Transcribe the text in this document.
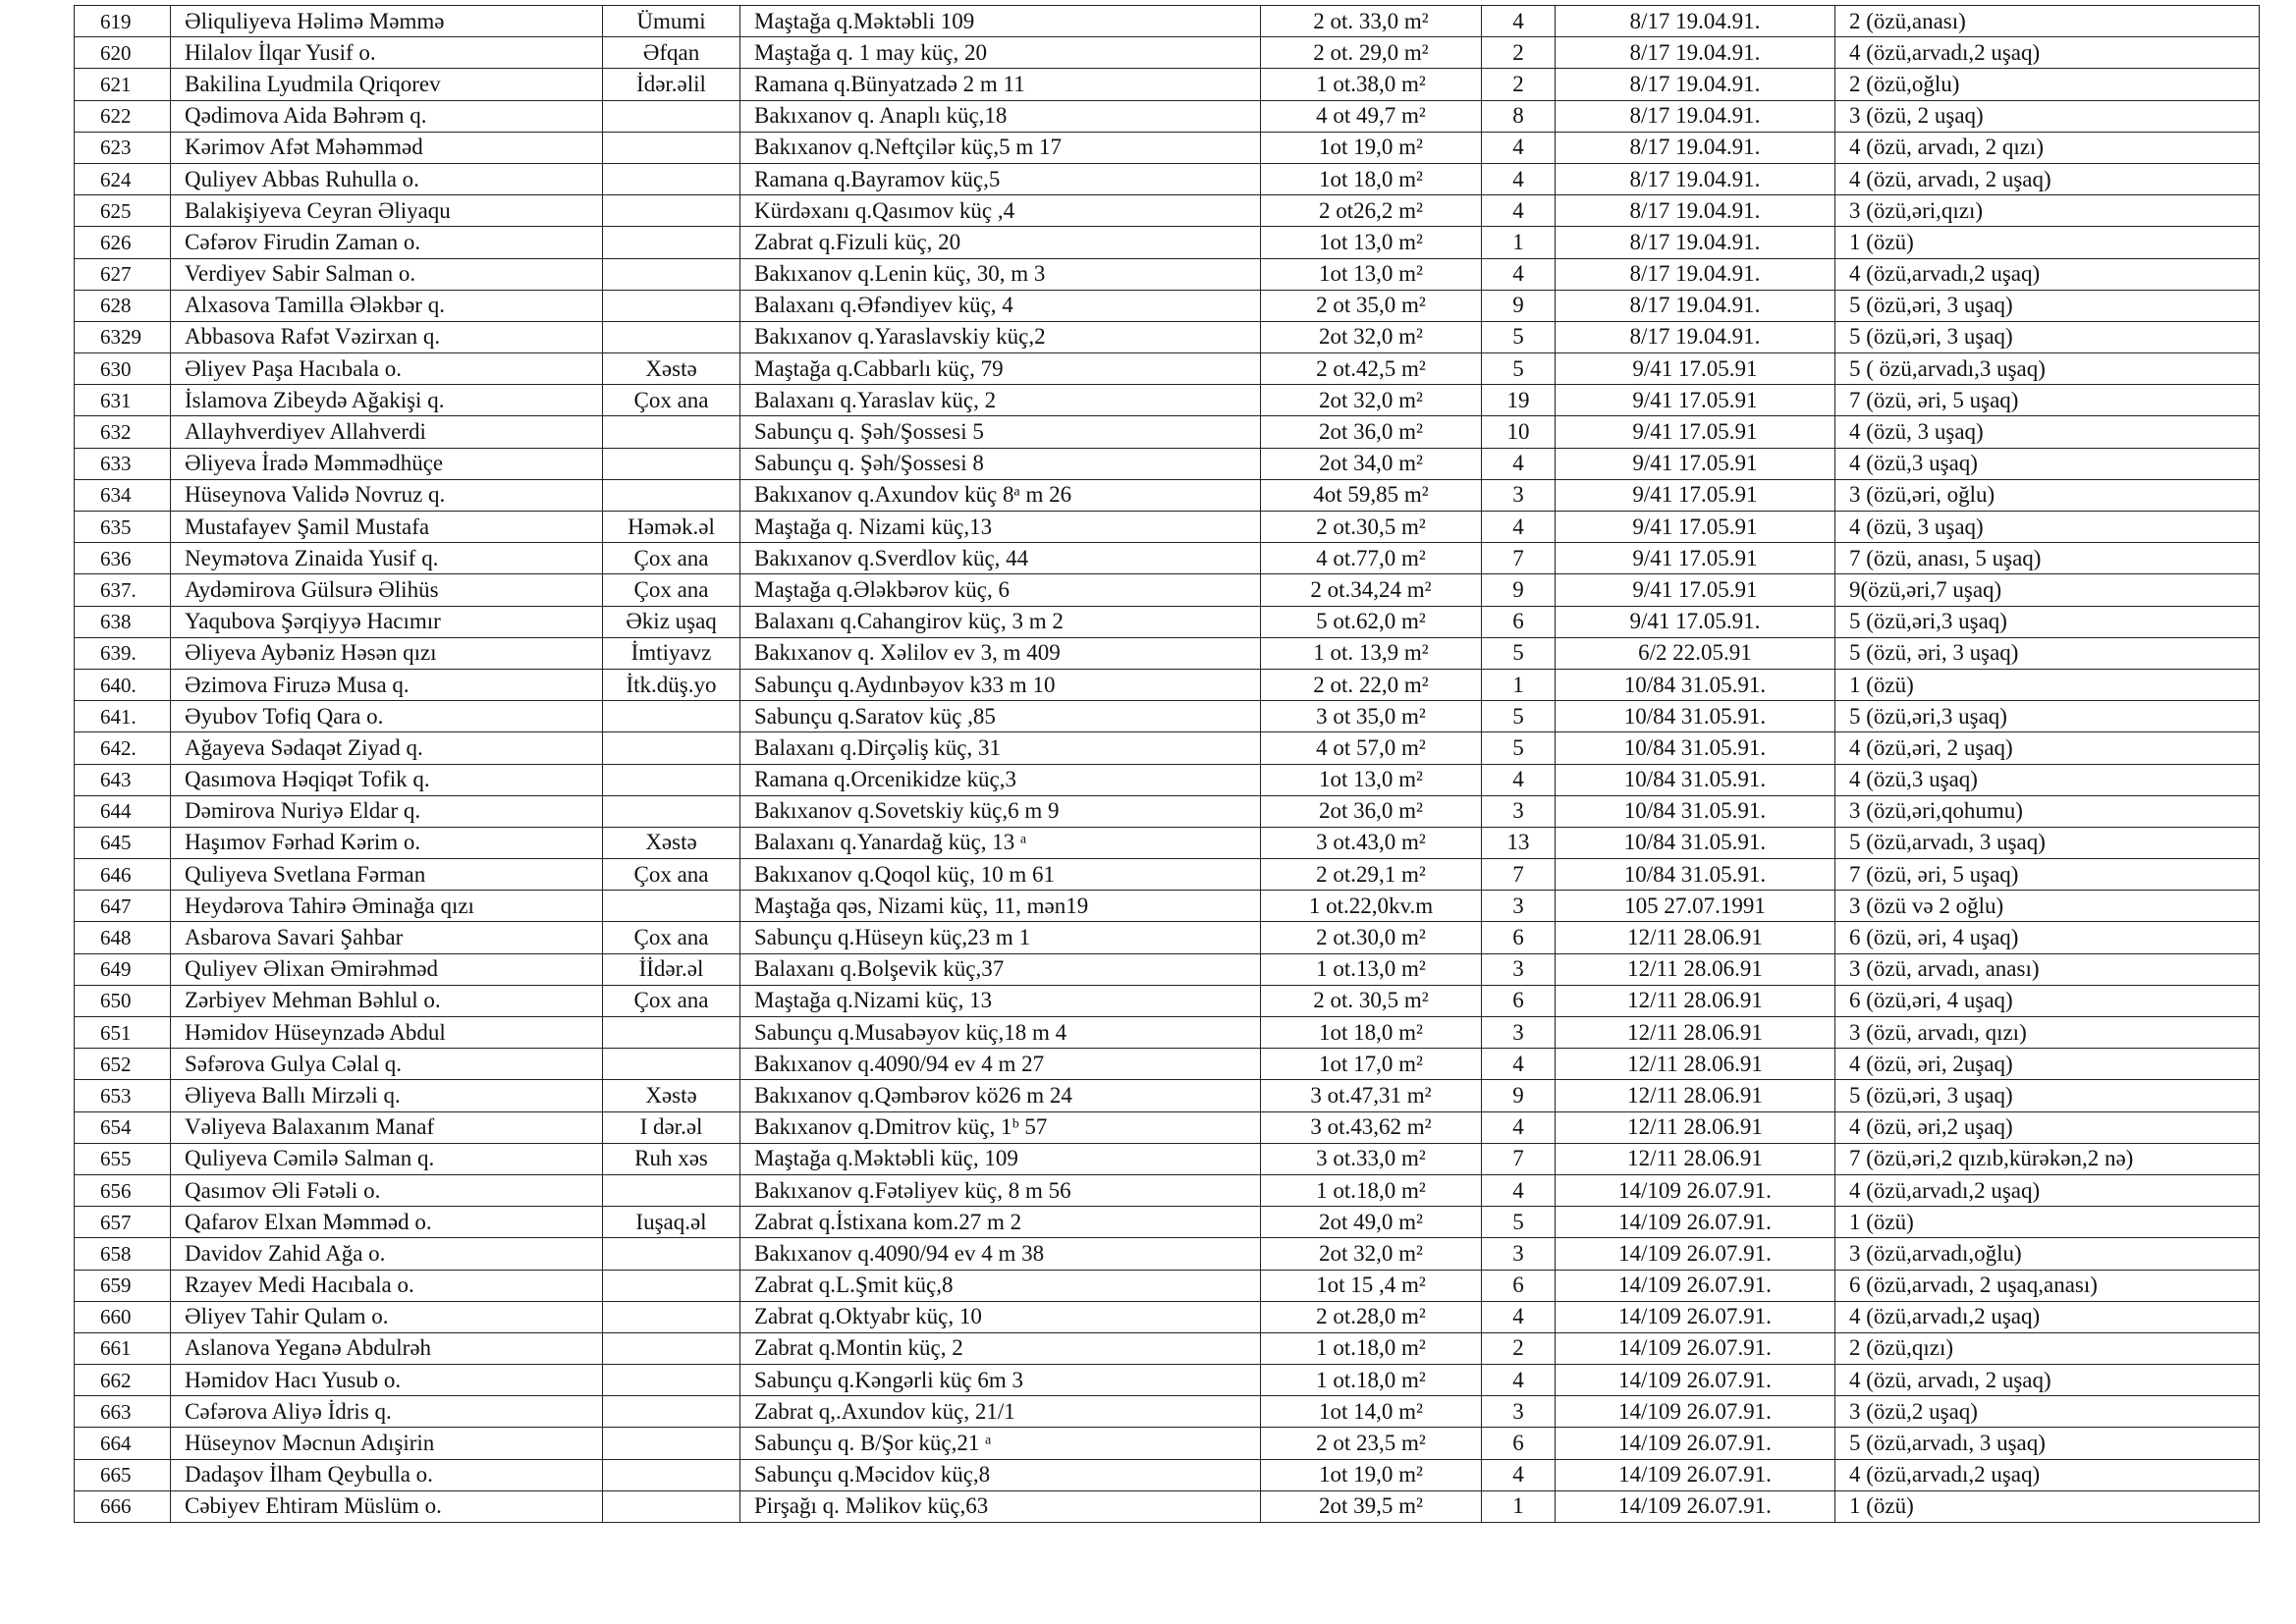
619	Əliquliyeva Həlimə Məmmə	Ümumi	Maştağa q.Məktəbli 109	2 ot. 33,0 m²	4	8/17 19.04.91.	2 (özü,anası)
620	Hilalov İlqar Yusif o.	Əfqan	Maştağa q. 1 may küç, 20	2 ot. 29,0 m²	2	8/17 19.04.91.	4 (özü,arvadı,2 uşaq)
621	Bakilina Lyudmila Qriqorev	İdər.əlil	Ramana q.Bünyatzadə 2 m 11	1 ot.38,0 m²	2	8/17 19.04.91.	2 (özü,oğlu)
622	Qədimova Aida Bəhrəm q.		Bakıxanov q. Anaplı küç,18	4 ot 49,7 m²	8	8/17 19.04.91.	3 (özü, 2 uşaq)
623	Kərimov Afət Məhəmməd		Bakıxanov q.Neftçilər küç,5 m 17	1ot 19,0 m²	4	8/17 19.04.91.	4 (özü, arvadı, 2 qızı)
624	Quliyev Abbas Ruhulla o.		Ramana q.Bayramov küç,5	1ot 18,0 m²	4	8/17 19.04.91.	4 (özü, arvadı, 2 uşaq)
625	Balakişiyeva Ceyran Əliyaqu		Kürdəxanı q.Qasımov küç ,4	2 ot26,2 m²	4	8/17 19.04.91.	3 (özü,əri,qızı)
626	Cəfərov Firudin Zaman o.		Zabrat q.Fizuli küç, 20	1ot 13,0 m²	1	8/17 19.04.91.	1 (özü)
627	Verdiyev Sabir Salman o.		Bakıxanov q.Lenin küç, 30, m 3	1ot 13,0 m²	4	8/17 19.04.91.	4 (özü,arvadı,2 uşaq)
628	Alxasova Tamilla Ələkbər q.		Balaxanı q.Əfəndiyev küç, 4	2 ot 35,0 m²	9	8/17 19.04.91.	5 (özü,əri, 3 uşaq)
6329	Abbasova Rafət Vəzirxan q.		Bakıxanov q.Yaraslavskiy küç,2	2ot 32,0 m²	5	8/17 19.04.91.	5 (özü,əri, 3 uşaq)
630	Əliyev Paşa Hacıbala o.	Xəstə	Maştağa q.Cabbarlı küç, 79	2 ot.42,5 m²	5	9/41 17.05.91	5 ( özü,arvadı,3 uşaq)
631	İslamova Zibeydə Ağakişi q.	Çox ana	Balaxanı q.Yaraslav küç, 2	2ot 32,0 m²	19	9/41 17.05.91	7 (özü, əri, 5 uşaq)
632	Allayhverdiyev Allahverdi		Sabunçu q. Şəh/Şossesi 5	2ot 36,0 m²	10	9/41 17.05.91	4 (özü, 3 uşaq)
633	Əliyeva İradə Məmmədhüçe		Sabunçu q. Şəh/Şossesi 8	2ot 34,0 m²	4	9/41 17.05.91	4 (özü,3 uşaq)
634	Hüseynova Validə Novruz q.		Bakıxanov q.Axundov küç 8ᵃ m 26	4ot 59,85 m²	3	9/41 17.05.91	3 (özü,əri, oğlu)
635	Mustafayev Şamil Mustafa	Həmək.əl	Maştağa q. Nizami küç,13	2 ot.30,5 m²	4	9/41 17.05.91	4 (özü, 3 uşaq)
636	Neymətova Zinaida Yusif q.	Çox ana	Bakıxanov q.Sverdlov küç, 44	4 ot.77,0 m²	7	9/41 17.05.91	7 (özü, anası, 5 uşaq)
637.	Aydəmirova Gülsurə Əlihüs	Çox ana	Maştağa q.Ələkbərov küç, 6	2 ot.34,24 m²	9	9/41 17.05.91	9(özü,əri,7 uşaq)
638	Yaqubova Şərqiyyə Hacımır	Əkiz uşaq	Balaxanı q.Cahangirov küç, 3 m 2	5 ot.62,0 m²	6	9/41 17.05.91.	5 (özü,əri,3 uşaq)
639.	Əliyeva Aybəniz Həsən qızı	İmtiyavz	Bakıxanov q. Xəlilov ev 3, m 409	1 ot. 13,9 m²	5	6/2 22.05.91	5 (özü, əri, 3 uşaq)
640.	Əzimova Firuzə Musa q.	İtk.düş.yo	Sabunçu q.Aydınbəyov k33 m 10	2 ot. 22,0 m²	1	10/84 31.05.91.	1 (özü)
641.	Əyubov Tofiq Qara o.		Sabunçu q.Saratov küç ,85	3 ot 35,0 m²	5	10/84 31.05.91.	5 (özü,əri,3 uşaq)
642.	Ağayeva Sədaqət Ziyad q.		Balaxanı q.Dirçəliş küç, 31	4 ot 57,0 m²	5	10/84 31.05.91.	4 (özü,əri, 2 uşaq)
643	Qasımova Həqiqət Tofik q.		Ramana q.Orcenikidze küç,3	1ot 13,0 m²	4	10/84 31.05.91.	4 (özü,3 uşaq)
644	Dəmirova Nuriyə Eldar q.		Bakıxanov q.Sovetskiy küç,6 m 9	2ot 36,0 m²	3	10/84 31.05.91.	3 (özü,əri,qohumu)
645	Haşımov Fərhad Kərim o.	Xəstə	Balaxanı q.Yanardağ küç, 13 ᵃ	3 ot.43,0 m²	13	10/84 31.05.91.	5 (özü,arvadı, 3 uşaq)
646	Quliyeva Svetlana Fərman	Çox ana	Bakıxanov q.Qoqol küç, 10 m 61	2 ot.29,1 m²	7	10/84 31.05.91.	7 (özü, əri, 5 uşaq)
647	Heydərova Tahirə Əminağa qızı		Maştağa qəs, Nizami küç, 11, mən19	1 ot.22,0kv.m	3	105 27.07.1991	3 (özü və 2 oğlu)
648	Asbarova Savari Şahbar	Çox ana	Sabunçu q.Hüseyn küç,23 m 1	2 ot.30,0 m²	6	12/11 28.06.91	6 (özü, əri, 4 uşaq)
649	Quliyev Əlixan Əmirəhməd	İİdər.əl	Balaxanı q.Bolşevik küç,37	1 ot.13,0 m²	3	12/11 28.06.91	3 (özü, arvadı, anası)
650	Zərbiyev Mehman Bəhlul o.	Çox ana	Maştağa q.Nizami küç, 13	2 ot. 30,5 m²	6	12/11 28.06.91	6 (özü,əri, 4 uşaq)
651	Həmidov Hüseynzadə Abdul		Sabunçu q.Musabəyov küç,18 m 4	1ot 18,0 m²	3	12/11 28.06.91	3 (özü, arvadı, qızı)
652	Səfərova Gulya Cəlal q.		Bakıxanov q.4090/94 ev 4 m 27	1ot 17,0 m²	4	12/11 28.06.91	4 (özü, əri, 2uşaq)
653	Əliyeva Ballı Mirzəli q.	Xəstə	Bakıxanov q.Qəmbərov kö26 m 24	3 ot.47,31 m²	9	12/11 28.06.91	5 (özü,əri, 3 uşaq)
654	Vəliyeva Balaxanım Manaf	I dər.əl	Bakıxanov q.Dmitrov küç, 1ᵇ 57	3 ot.43,62 m²	4	12/11 28.06.91	4 (özü, əri,2 uşaq)
655	Quliyeva Cəmilə Salman q.	Ruh xəs	Maştağa q.Məktəbli küç, 109	3 ot.33,0 m²	7	12/11 28.06.91	7 (özü,əri,2 qızıb,kürəkən,2 nə)
656	Qasımov Əli Fətəli o.		Bakıxanov q.Fətəliyev küç, 8 m 56	1 ot.18,0 m²	4	14/109 26.07.91.	4 (özü,arvadı,2 uşaq)
657	Qafarov Elxan Məmməd o.	Iuşaq.əl	Zabrat q.İstixana kom.27 m 2	2ot 49,0 m²	5	14/109 26.07.91.	1 (özü)
658	Davidov Zahid Ağa o.		Bakıxanov q.4090/94 ev 4 m 38	2ot 32,0 m²	3	14/109 26.07.91.	3 (özü,arvadı,oğlu)
659	Rzayev Medi Hacıbala o.		Zabrat q.L.Şmit küç,8	1ot 15 ,4 m²	6	14/109 26.07.91.	6 (özü,arvadı, 2 uşaq,anası)
660	Əliyev Tahir Qulam o.		Zabrat q.Oktyabr küç, 10	2 ot.28,0 m²	4	14/109 26.07.91.	4 (özü,arvadı,2 uşaq)
661	Aslanova Yeganə Abdulrəh		Zabrat q.Montin küç, 2	1 ot.18,0 m²	2	14/109 26.07.91.	2 (özü,qızı)
662	Həmidov Hacı Yusub o.		Sabunçu q.Kəngərli küç 6m 3	1 ot.18,0 m²	4	14/109 26.07.91.	4 (özü, arvadı, 2 uşaq)
663	Cəfərova Aliyə İdris q.		Zabrat q,.Axundov küç, 21/1	1ot 14,0 m²	3	14/109 26.07.91.	3 (özü,2 uşaq)
664	Hüseynov Məcnun Adışirin		Sabunçu q. B/Şor küç,21 ᵃ	2 ot 23,5 m²	6	14/109 26.07.91.	5 (özü,arvadı, 3 uşaq)
665	Dadaşov İlham Qeybulla o.		Sabunçu q.Məcidov küç,8	1ot 19,0 m²	4	14/109 26.07.91.	4 (özü,arvadı,2 uşaq)
666	Cəbiyev Ehtiram Müslüm o.		Pirşağı q. Məlikov küç,63	2ot 39,5 m²	1	14/109 26.07.91.	1 (özü)
